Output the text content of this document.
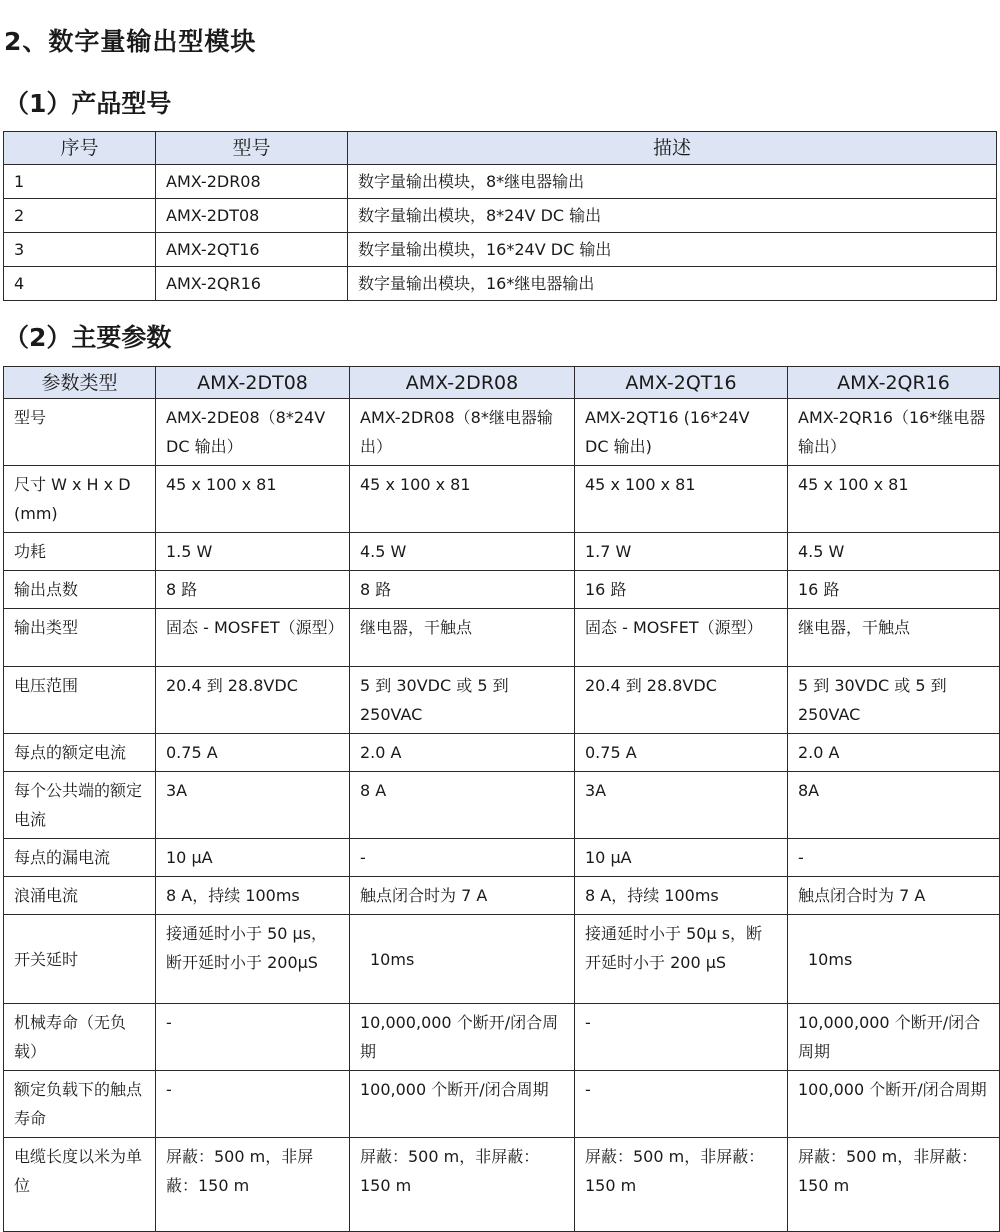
2、数字量输出型模块
（1）产品型号
序号	型号	描述
1	AMX-2DR08	数字量输出模块，8*继电器输出
2	AMX-2DT08	数字量输出模块，8*24V DC 输出
3	AMX-2QT16	数字量输出模块，16*24V DC 输出
4	AMX-2QR16	数字量输出模块，16*继电器输出
（2）主要参数
参数类型	AMX-2DT08	AMX-2DR08	AMX-2QT16	AMX-2QR16
型号	AMX-2DE08（8*24V DC 输出）	AMX-2DR08（8*继电器输出）	AMX-2QT16 (16*24V DC 输出)	AMX-2QR16（16*继电器输出）
尺寸 W x H x D (mm)	45 x 100 x 81	45 x 100 x 81	45 x 100 x 81	45 x 100 x 81
功耗	1.5 W	4.5 W	1.7 W	4.5 W
输出点数	8 路	8 路	16 路	16 路
输出类型	固态 - MOSFET（源型）	继电器，干触点	固态 - MOSFET（源型）	继电器，干触点
电压范围	20.4 到 28.8VDC	5 到 30VDC 或 5 到 250VAC	20.4 到 28.8VDC	5 到 30VDC 或 5 到 250VAC
每点的额定电流	0.75 A	2.0 A	0.75 A	2.0 A
每个公共端的额定电流	3A	8 A	3A	8A
每点的漏电流	10 μA	-	10 μA	-
浪涌电流	8 A，持续 100ms	触点闭合时为 7 A	8 A，持续 100ms	触点闭合时为 7 A
开关延时	接通延时小于 50 μs，断开延时小于 200μS	10ms	接通延时小于 50μ s，断开延时小于 200 μS	10ms
机械寿命（无负载）	-	10,000,000 个断开/闭合周期	-	10,000,000 个断开/闭合周期
额定负载下的触点寿命	-	100,000 个断开/闭合周期	-	100,000 个断开/闭合周期
电缆长度以米为单位	屏蔽：500 m，非屏蔽：150 m	屏蔽：500 m，非屏蔽：150 m	屏蔽：500 m，非屏蔽：150 m	屏蔽：500 m，非屏蔽：150 m
